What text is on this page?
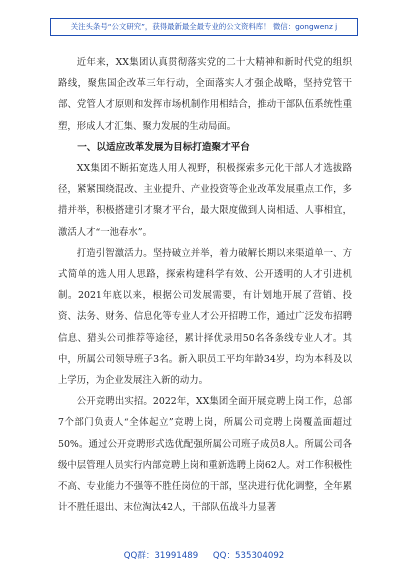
关注头条号“公文研究”，获得最新最全最专业的公文资料库！ 微信：gongwenz j

近年来，XX集团认真贯彻落实党的二十大精神和新时代党的组织路线，聚焦国企改革三年行动，全面落实人才强企战略，坚持党管干部、党管人才原则和发挥市场机制作用相结合，推动干部队伍系统性重塑，形成人才汇集、聚力发展的生动局面。

一、以适应改革发展为目标打造聚才平台

XX集团不断拓宽选人用人视野，积极探索多元化干部人才选拔路径，紧紧围绕混改、主业提升、产业投资等企业改革发展重点工作，多措并举，积极搭建引才聚才平台，最大限度做到人岗相适、人事相宜，激活人才“一池春水”。

打造引智激活力。坚持破立并举，着力破解长期以来渠道单一、方式简单的选人用人思路，探索构建科学有效、公开透明的人才引进机制。2021年底以来，根据公司发展需要，有计划地开展了营销、投资、法务、财务、信息化等专业人才公开招聘工作，通过广泛发布招聘信息、猎头公司推荐等途径，累计择优录用50名各条线专业人才。其中，所属公司领导班子3名。新入职员工平均年龄34岁，均为本科及以上学历，为企业发展注入新的动力。

公开竞聘出实招。2022年，XX集团全面开展竞聘上岗工作，总部7个部门负责人“全体起立”竞聘上岗，所属公司竞聘上岗覆盖面超过50%。通过公开竞聘形式选优配强所属公司班子成员8人。所属公司各级中层管理人员实行内部竞聘上岗和重新选聘上岗62人。对工作积极性不高、专业能力不强等不胜任岗位的干部，坚决进行优化调整，全年累计不胜任退出、末位淘汰42人，干部队伍战斗力显著

QQ群：31991489 QQ：535304092
